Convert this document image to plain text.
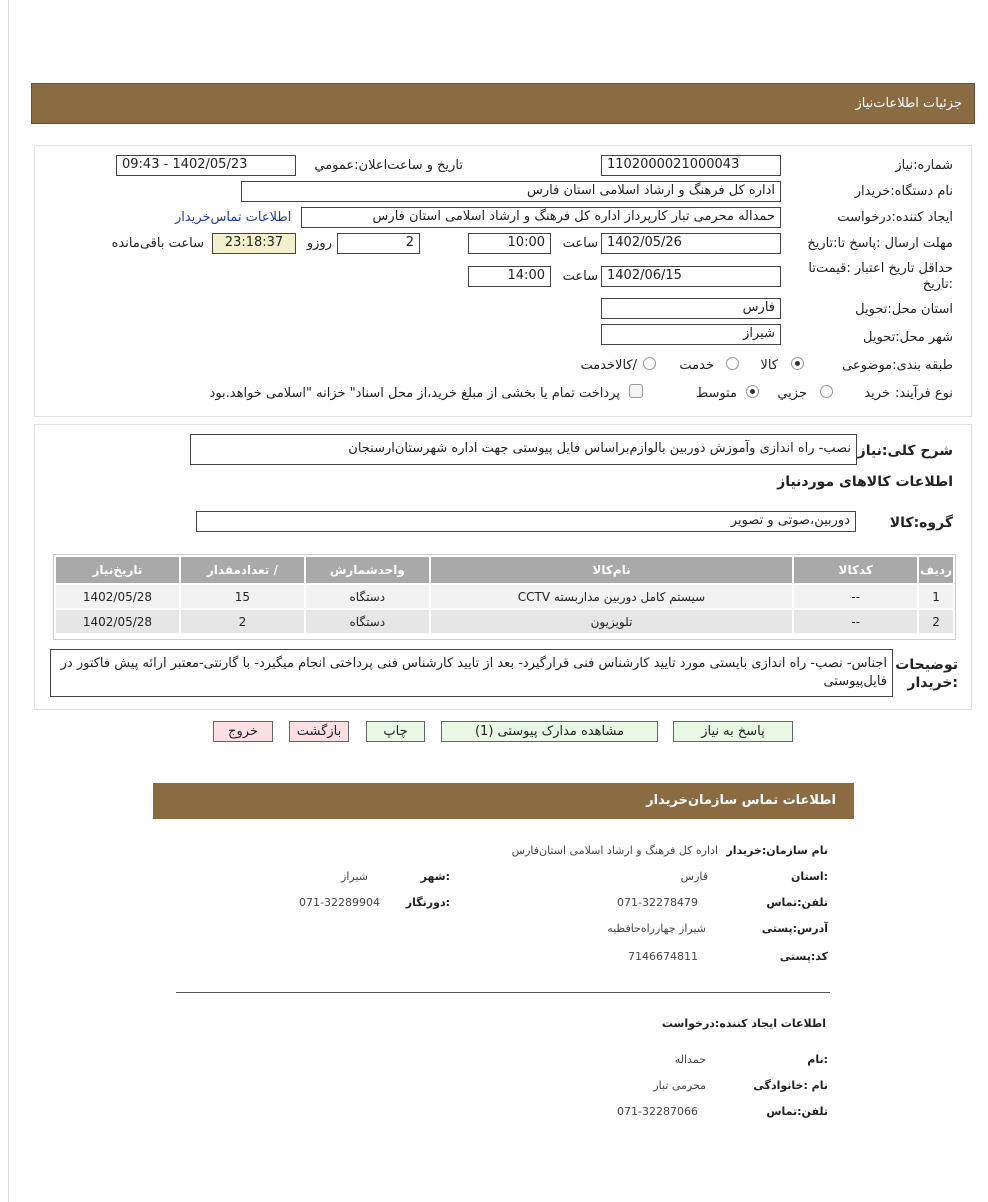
جزئیات اطلاعات‌نیاز
شماره:نیاز
1102000021000043
تاریخ و ساعت‌اعلان:عمومي
1402/05/23 - 09:43
نام دستگاه:خریدار
اداره کل فرهنگ و ارشاد اسلامی استان فارس
ایجاد کننده:درخواست
حمداله محرمی تبار کارپرداز اداره کل فرهنگ و ارشاد اسلامی استان فارس
اطلاعات تماس‌خریدار
مهلت ارسال :پاسخ تا:تاریخ
1402/05/26
ساعت
10:00
2
روزو
23:18:37
ساعت باقی‌مانده
حداقل تاریخ اعتبار :قیمت‌تا :تاریخ
1402/06/15
ساعت
14:00
استان محل:تحویل
فارس
شهر محل:تحویل
شیراز
طبقه بندی:موضوعی
کالا
خدمت
/کالاخدمت
نوع فرآیند:
خرید
جزيي
متوسط
پرداخت تمام یا بخشی از مبلغ خرید،از محل اسناد" خزانه "اسلامی خواهد.بود
شرح کلی:نیاز
نصب- راه اندازی وآموزش دوربین بالوازم‌براساس فایل پیوستی جهت اداره شهرستان‌ارسنجان
اطلاعات کالاهای موردنیاز
گروه:کالا
دوربین،صوتی و تصویر
ردیف	کدکالا	نام‌کالا	واحدشمارش	/ تعدادمقدار	تاریخ‌نیاز
1	--	سیستم کامل دوربین مداربسته CCTV	دستگاه	15	1402/05/28
2	--	تلویزیون	دستگاه	2	1402/05/28
توضیحات :خریدار
اجناس- نصب- راه اندازی بایستی مورد تایید کارشناس فنی قرارگیرد- بعد از تایید کارشناس فنی پرداختی انجام میگیرد- با گارنتی-معتبر ارائه پیش فاکتور در فایل‌پیوستی
پاسخ به نیاز
مشاهده مدارک پیوستی (1)
چاپ
بازگشت
خروج
اطلاعات تماس سازمان‌خریدار
نام سازمان:خریدار
اداره کل فرهنگ و ارشاد اسلامی استان‌فارس
:استان
فارس
:شهر
شیراز
تلفن:تماس
071-32278479
:دورنگار
071-32289904
آدرس:پستی
شیراز چهارراه‌حافظیه
کد:پستی
7146674811
اطلاعات ایجاد کننده:درخواست
:نام
حمداله
نام :خانوادگی
محرمی تبار
تلفن:تماس
071-32287066
